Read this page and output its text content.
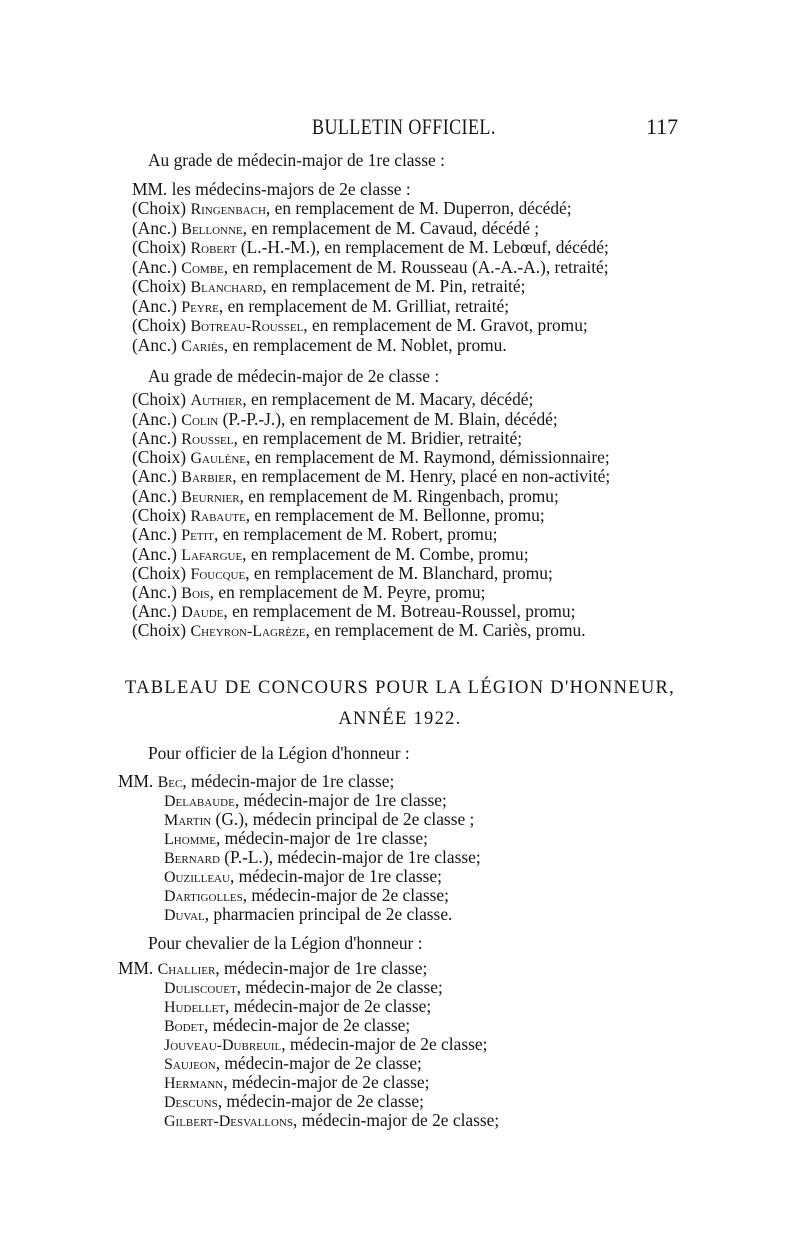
BULLETIN OFFICIEL.	117
Au grade de médecin-major de 1re classe :
MM. les médecins-majors de 2e classe :
(Choix) Ringenbach, en remplacement de M. Duperron, décédé;
(Anc.) Bellonne, en remplacement de M. Cavaud, décédé ;
(Choix) Robert (L.-H.-M.), en remplacement de M. Lebœuf, décédé;
(Anc.) Combe, en remplacement de M. Rousseau (A.-A.-A.), retraité;
(Choix) Blanchard, en remplacement de M. Pin, retraité;
(Anc.) Peyre, en remplacement de M. Grilliat, retraité;
(Choix) Botreau-Roussel, en remplacement de M. Gravot, promu;
(Anc.) Cariès, en remplacement de M. Noblet, promu.
Au grade de médecin-major de 2e classe :
(Choix) Authier, en remplacement de M. Macary, décédé;
(Anc.) Colin (P.-P.-J.), en remplacement de M. Blain, décédé;
(Anc.) Roussel, en remplacement de M. Bridier, retraité;
(Choix) Gaulène, en remplacement de M. Raymond, démissionnaire;
(Anc.) Barbier, en remplacement de M. Henry, placé en non-activité;
(Anc.) Beurnier, en remplacement de M. Ringenbach, promu;
(Choix) Rabaute, en remplacement de M. Bellonne, promu;
(Anc.) Petit, en remplacement de M. Robert, promu;
(Anc.) Lafargue, en remplacement de M. Combe, promu;
(Choix) Foucque, en remplacement de M. Blanchard, promu;
(Anc.) Bois, en remplacement de M. Peyre, promu;
(Anc.) Daude, en remplacement de M. Botreau-Roussel, promu;
(Choix) Cheyron-Lagrèze, en remplacement de M. Cariès, promu.
TABLEAU DE CONCOURS POUR LA LÉGION D'HONNEUR,
ANNÉE 1922.
Pour officier de la Légion d'honneur :
MM. Bec, médecin-major de 1re classe;
Delabaude, médecin-major de 1re classe;
Martin (G.), médecin principal de 2e classe ;
Lhomme, médecin-major de 1re classe;
Bernard (P.-L.), médecin-major de 1re classe;
Ouzilleau, médecin-major de 1re classe;
Dartigolles, médecin-major de 2e classe;
Duval, pharmacien principal de 2e classe.
Pour chevalier de la Légion d'honneur :
MM. Challier, médecin-major de 1re classe;
Duliscouet, médecin-major de 2e classe;
Hudellet, médecin-major de 2e classe;
Bodet, médecin-major de 2e classe;
Jouveau-Dubreuil, médecin-major de 2e classe;
Saujeon, médecin-major de 2e classe;
Hermann, médecin-major de 2e classe;
Descuns, médecin-major de 2e classe;
Gilbert-Desvallons, médecin-major de 2e classe;
